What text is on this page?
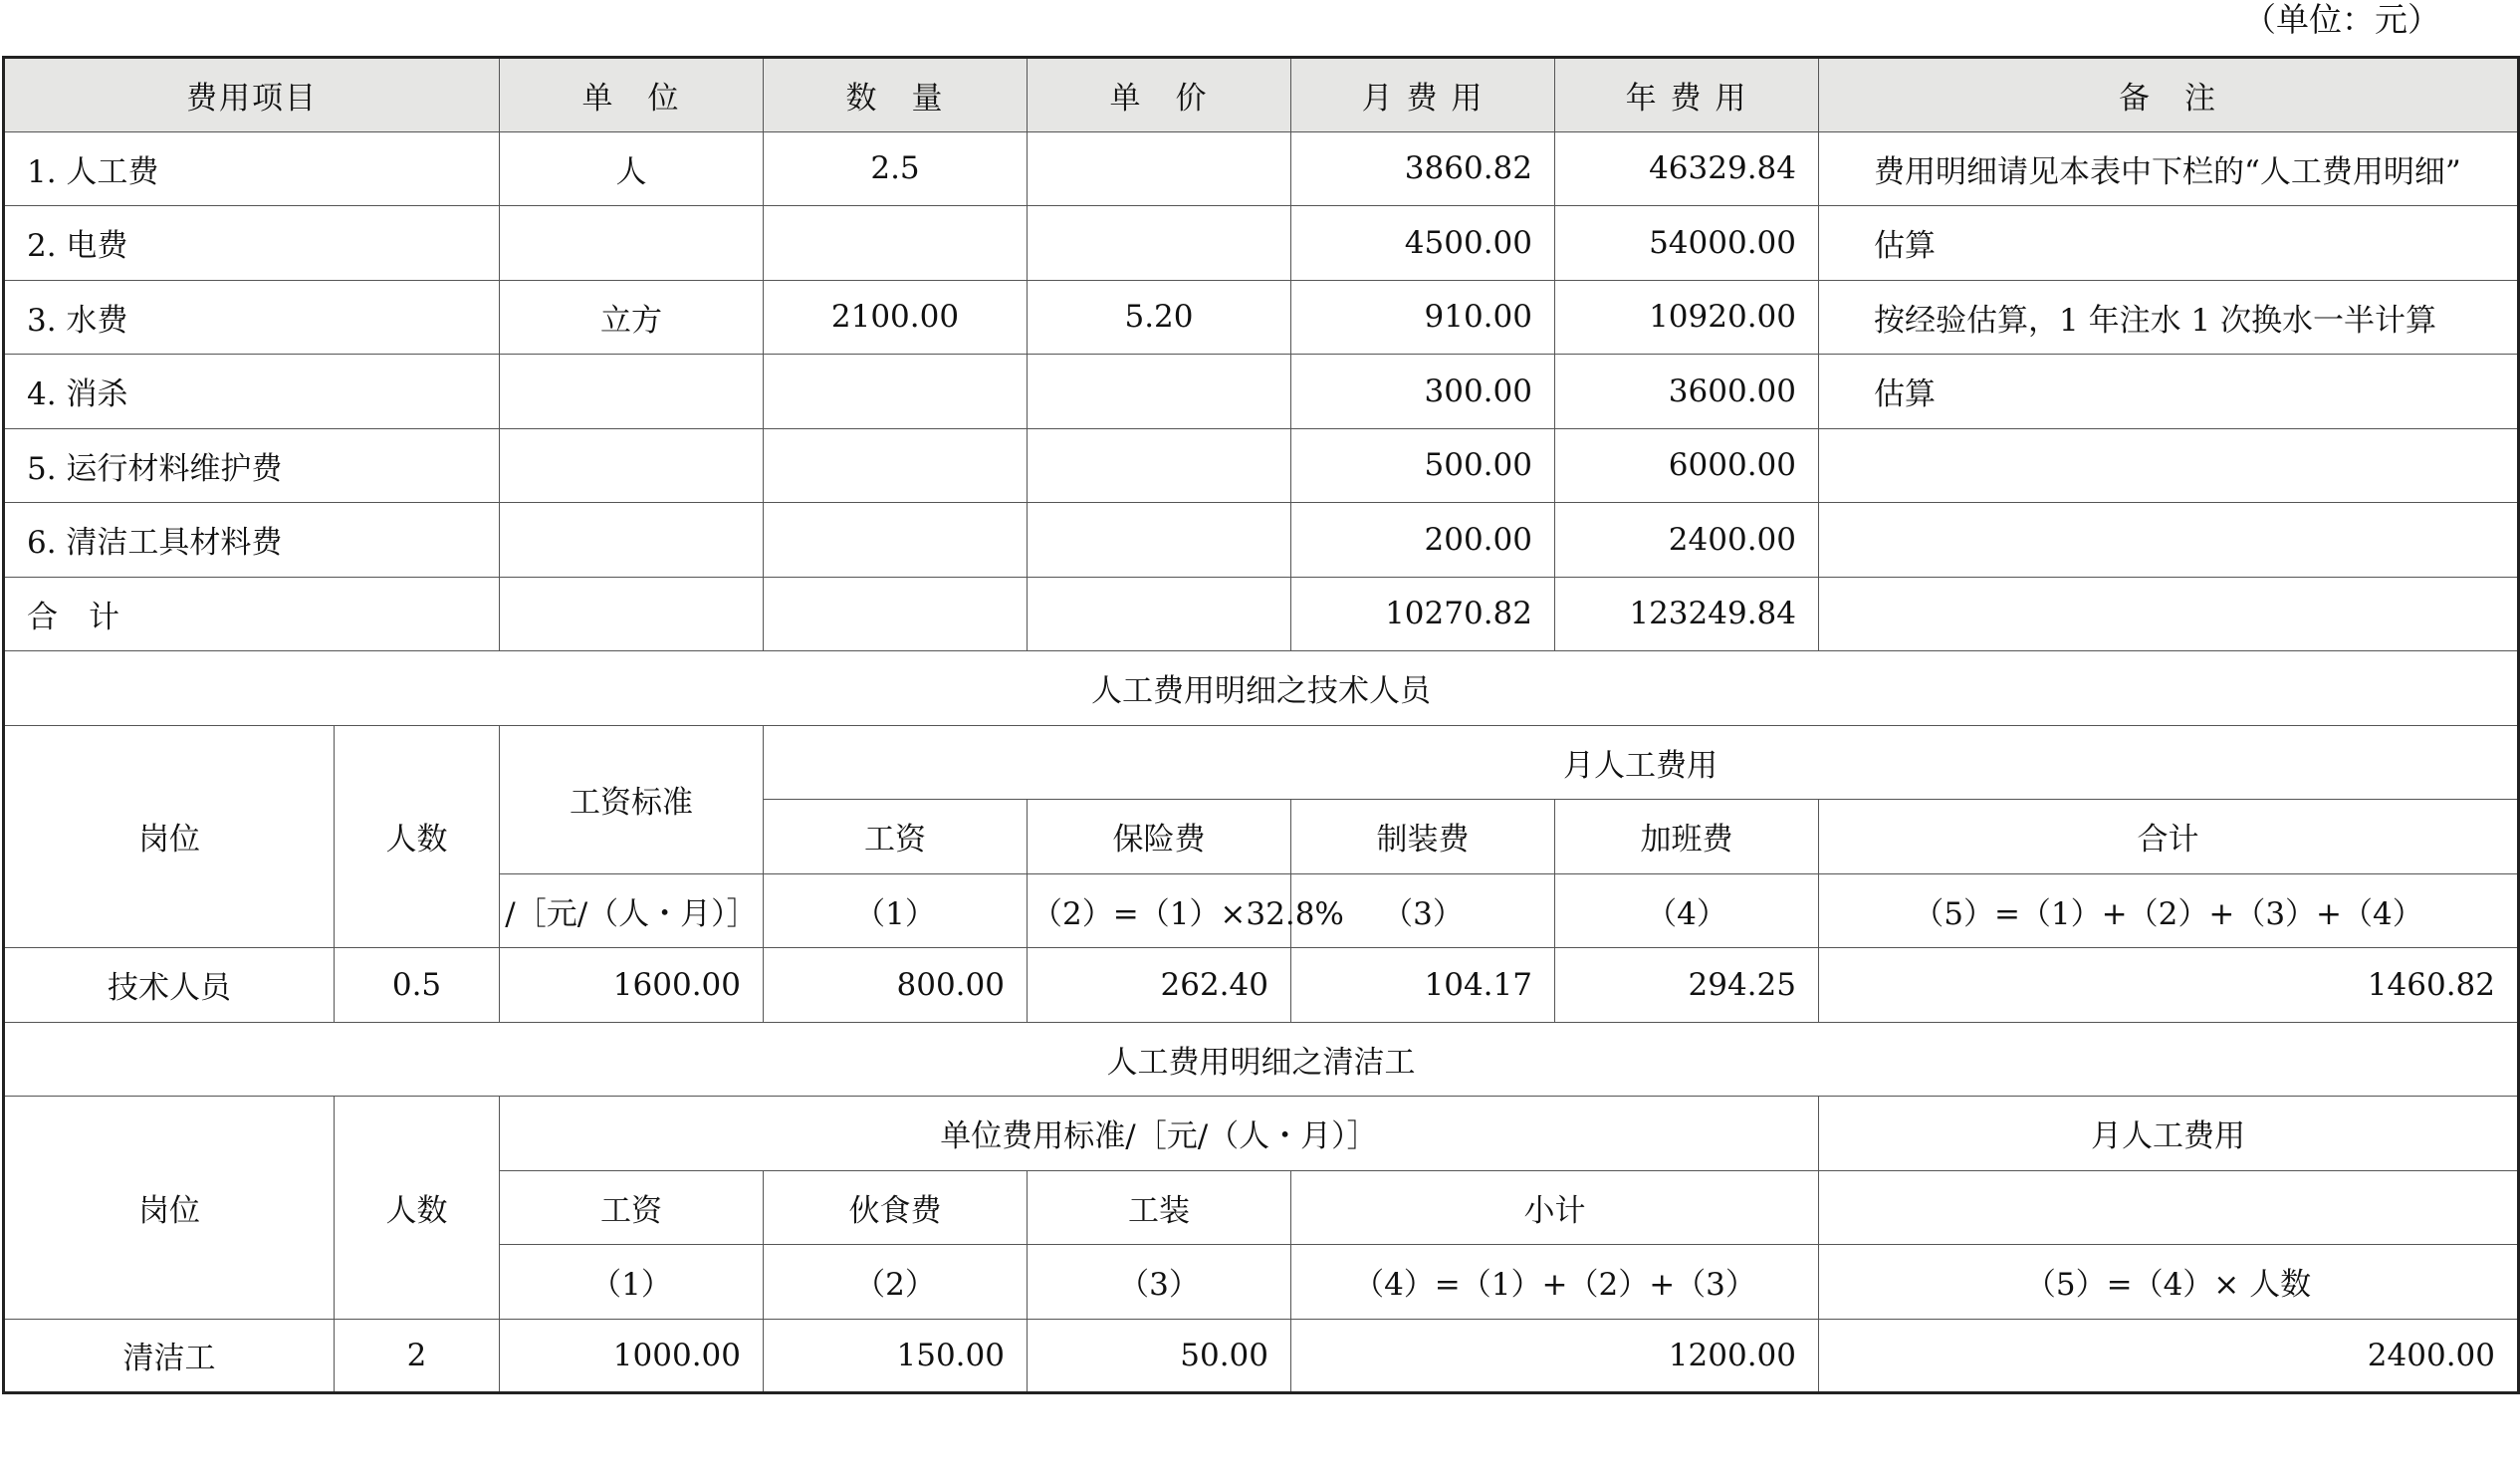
（单位：元）
费用项目		单　位	数　量	单　价	月 费 用	年 费 用	备　注
1. 人工费		人	2.5		3860.82	46329.84	费用明细请见本表中下栏的“人工费用明细”
2. 电费					4500.00	54000.00	估算
3. 水费		立方	2100.00	5.20	910.00	10920.00	按经验估算，1 年注水 1 次换水一半计算
4. 消杀					300.00	3600.00	估算
5. 运行材料维护费					500.00	6000.00	
6. 清洁工具材料费					200.00	2400.00	
合　计					10270.82	123249.84	
人工费用明细之技术人员							
岗位	人数	工资标准	月人工费用				
			工资	保险费	制装费	加班费	合计
		/［元/（人・月）］	（1）	（2）=（1）×32.8%	（3）	（4）	（5）=（1）+（2）+（3）+（4）
技术人员	0.5	1600.00	800.00	262.40	104.17	294.25	1460.82
人工费用明细之清洁工							
岗位	人数	单位费用标准/［元/（人・月）］					月人工费用
		工资	伙食费	工装	小计		
		（1）	（2）	（3）	（4）=（1）+（2）+（3）		（5）=（4）× 人数
清洁工	2	1000.00	150.00	50.00	1200.00		2400.00
